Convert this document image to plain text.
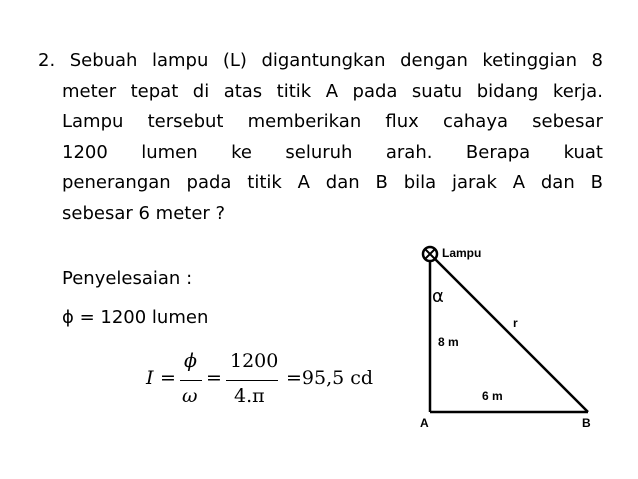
2. Sebuah lampu (L) digantungkan dengan ketinggian 8
meter tepat di atas titik A pada suatu bidang kerja.
Lampu tersebut memberikan flux cahaya sebesar
1200 lumen ke seluruh arah. Berapa kuat
penerangan pada titik A dan B bila jarak A dan B
sebesar 6 meter ?

Penyelesaian :

ϕ = 1200 lumen

I =
ϕ
ω
=
1200
4.π
=95,5 cd
Lampu
α
8 m
r
6 m
A	B
